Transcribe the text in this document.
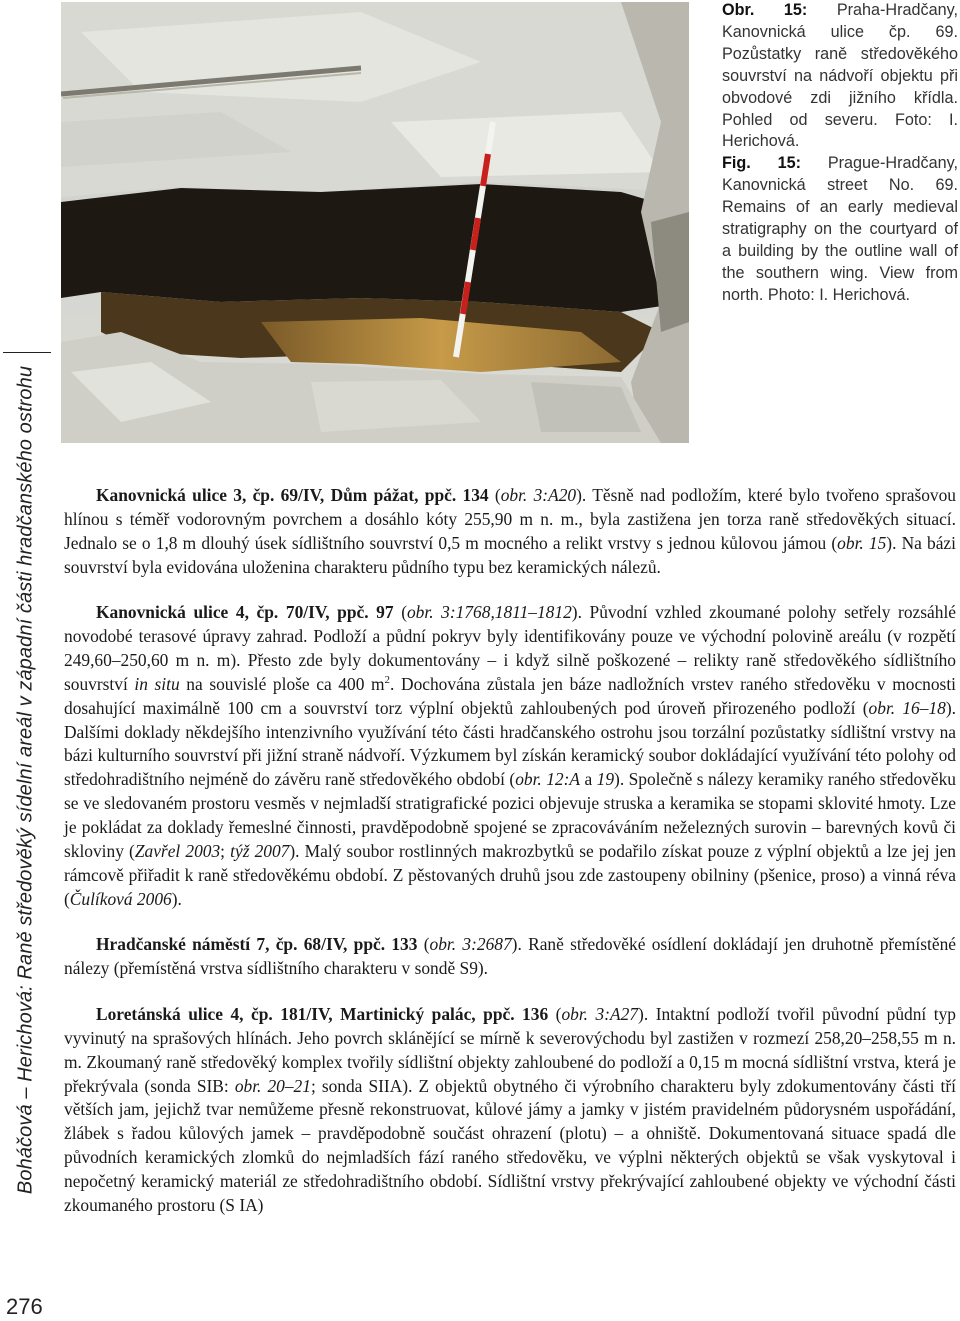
Boháčová – Herichová: Raně středověký sídelní areál v západní části hradčanského ostrohu
276

Obr. 15: Praha-Hradčany, Kanovnická ulice čp. 69. Pozůstatky raně středověkého souvrství na nádvoří objektu při obvodové zdi jižního křídla. Pohled od severu. Foto: I. Herichová.

Fig. 15: Prague-Hradčany, Kanovnická street No. 69. Remains of an early medieval stratigraphy on the courtyard of a building by the outline wall of the southern wing. View from north. Photo: I. Herichová.

Kanovnická ulice 3, čp. 69/IV, Dům pážat, ppč. 134 (obr. 3:A20). Těsně nad podložím, které bylo tvořeno sprašovou hlínou s téměř vodorovným povrchem a dosáhlo kóty 255,90 m n. m., byla zastižena jen torza raně středověkých situací. Jednalo se o 1,8 m dlouhý úsek sídlištního souvrství 0,5 m mocného a relikt vrstvy s jednou kůlovou jámou (obr. 15). Na bázi souvrství byla evidována uloženina charakteru půdního typu bez keramických nálezů.

Kanovnická ulice 4, čp. 70/IV, ppč. 97 (obr. 3:1768,1811–1812). Původní vzhled zkoumané polohy setřely rozsáhlé novodobé terasové úpravy zahrad. Podloží a půdní pokryv byly identifikovány pouze ve východní polovině areálu (v rozpětí 249,60–250,60 m n. m). Přesto zde byly dokumentovány – i když silně poškozené – relikty raně středověkého sídlištního souvrství in situ na souvislé ploše ca 400 $m^2$. Dochována zůstala jen báze nadložních vrstev raného středověku v mocnosti dosahující maximálně 100 cm a souvrství torz výplní objektů zahloubených pod úroveň přirozeného podloží (obr. 16–18). Dalšími doklady někdejšího intenzivního využívání této části hradčanského ostrohu jsou torzální pozůstatky sídlištní vrstvy na bázi kulturního souvrství při jižní straně nádvoří. Výzkumem byl získán keramický soubor dokládající využívání této polohy od středohradištního nejméně do závěru raně středověkého období (obr. 12:A a 19). Společně s nálezy keramiky raného středověku se ve sledovaném prostoru vesměs v nejmladší stratigrafické pozici objevuje struska a keramika se stopami sklovité hmoty. Lze je pokládat za doklady řemeslné činnosti, pravděpodobně spojené se zpracováváním neželezných surovin – barevných kovů či skloviny (Zavřel 2003; týž 2007). Malý soubor rostlinných makrozbytků se podařilo získat pouze z výplní objektů a lze jej jen rámcově přiřadit k raně středověkému období. Z pěstovaných druhů jsou zde zastoupeny obilniny (pšenice, proso) a vinná réva (Čulíková 2006).

Hradčanské náměstí 7, čp. 68/IV, ppč. 133 (obr. 3:2687). Raně středověké osídlení dokládají jen druhotně přemístěné nálezy (přemístěná vrstva sídlištního charakteru v sondě S9).

Loretánská ulice 4, čp. 181/IV, Martinický palác, ppč. 136 (obr. 3:A27). Intaktní podloží tvořil původní půdní typ vyvinutý na sprašových hlínách. Jeho povrch sklánějící se mírně k severovýchodu byl zastižen v rozmezí 258,20–258,55 m n. m. Zkoumaný raně středověký komplex tvořily sídlištní objekty zahloubené do podloží a 0,15 m mocná sídlištní vrstva, která je překrývala (sonda SIB: obr. 20–21; sonda SIIA). Z objektů obytného či výrobního charakteru byly zdokumentovány části tří větších jam, jejichž tvar nemůžeme přesně rekonstruovat, kůlové jámy a jamky v jistém pravidelném půdorysném uspořádání, žlábek s řadou kůlových jamek – pravděpodobně součást ohrazení (plotu) – a ohniště. Dokumentovaná situace spadá dle původních keramických zlomků do nejmladších fází raného středověku, ve výplni některých objektů se však vyskytoval i nepočetný keramický materiál ze středohradištního období. Sídlištní vrstvy překrývající zahloubené objekty ve východní části zkoumaného prostoru (S IA)
